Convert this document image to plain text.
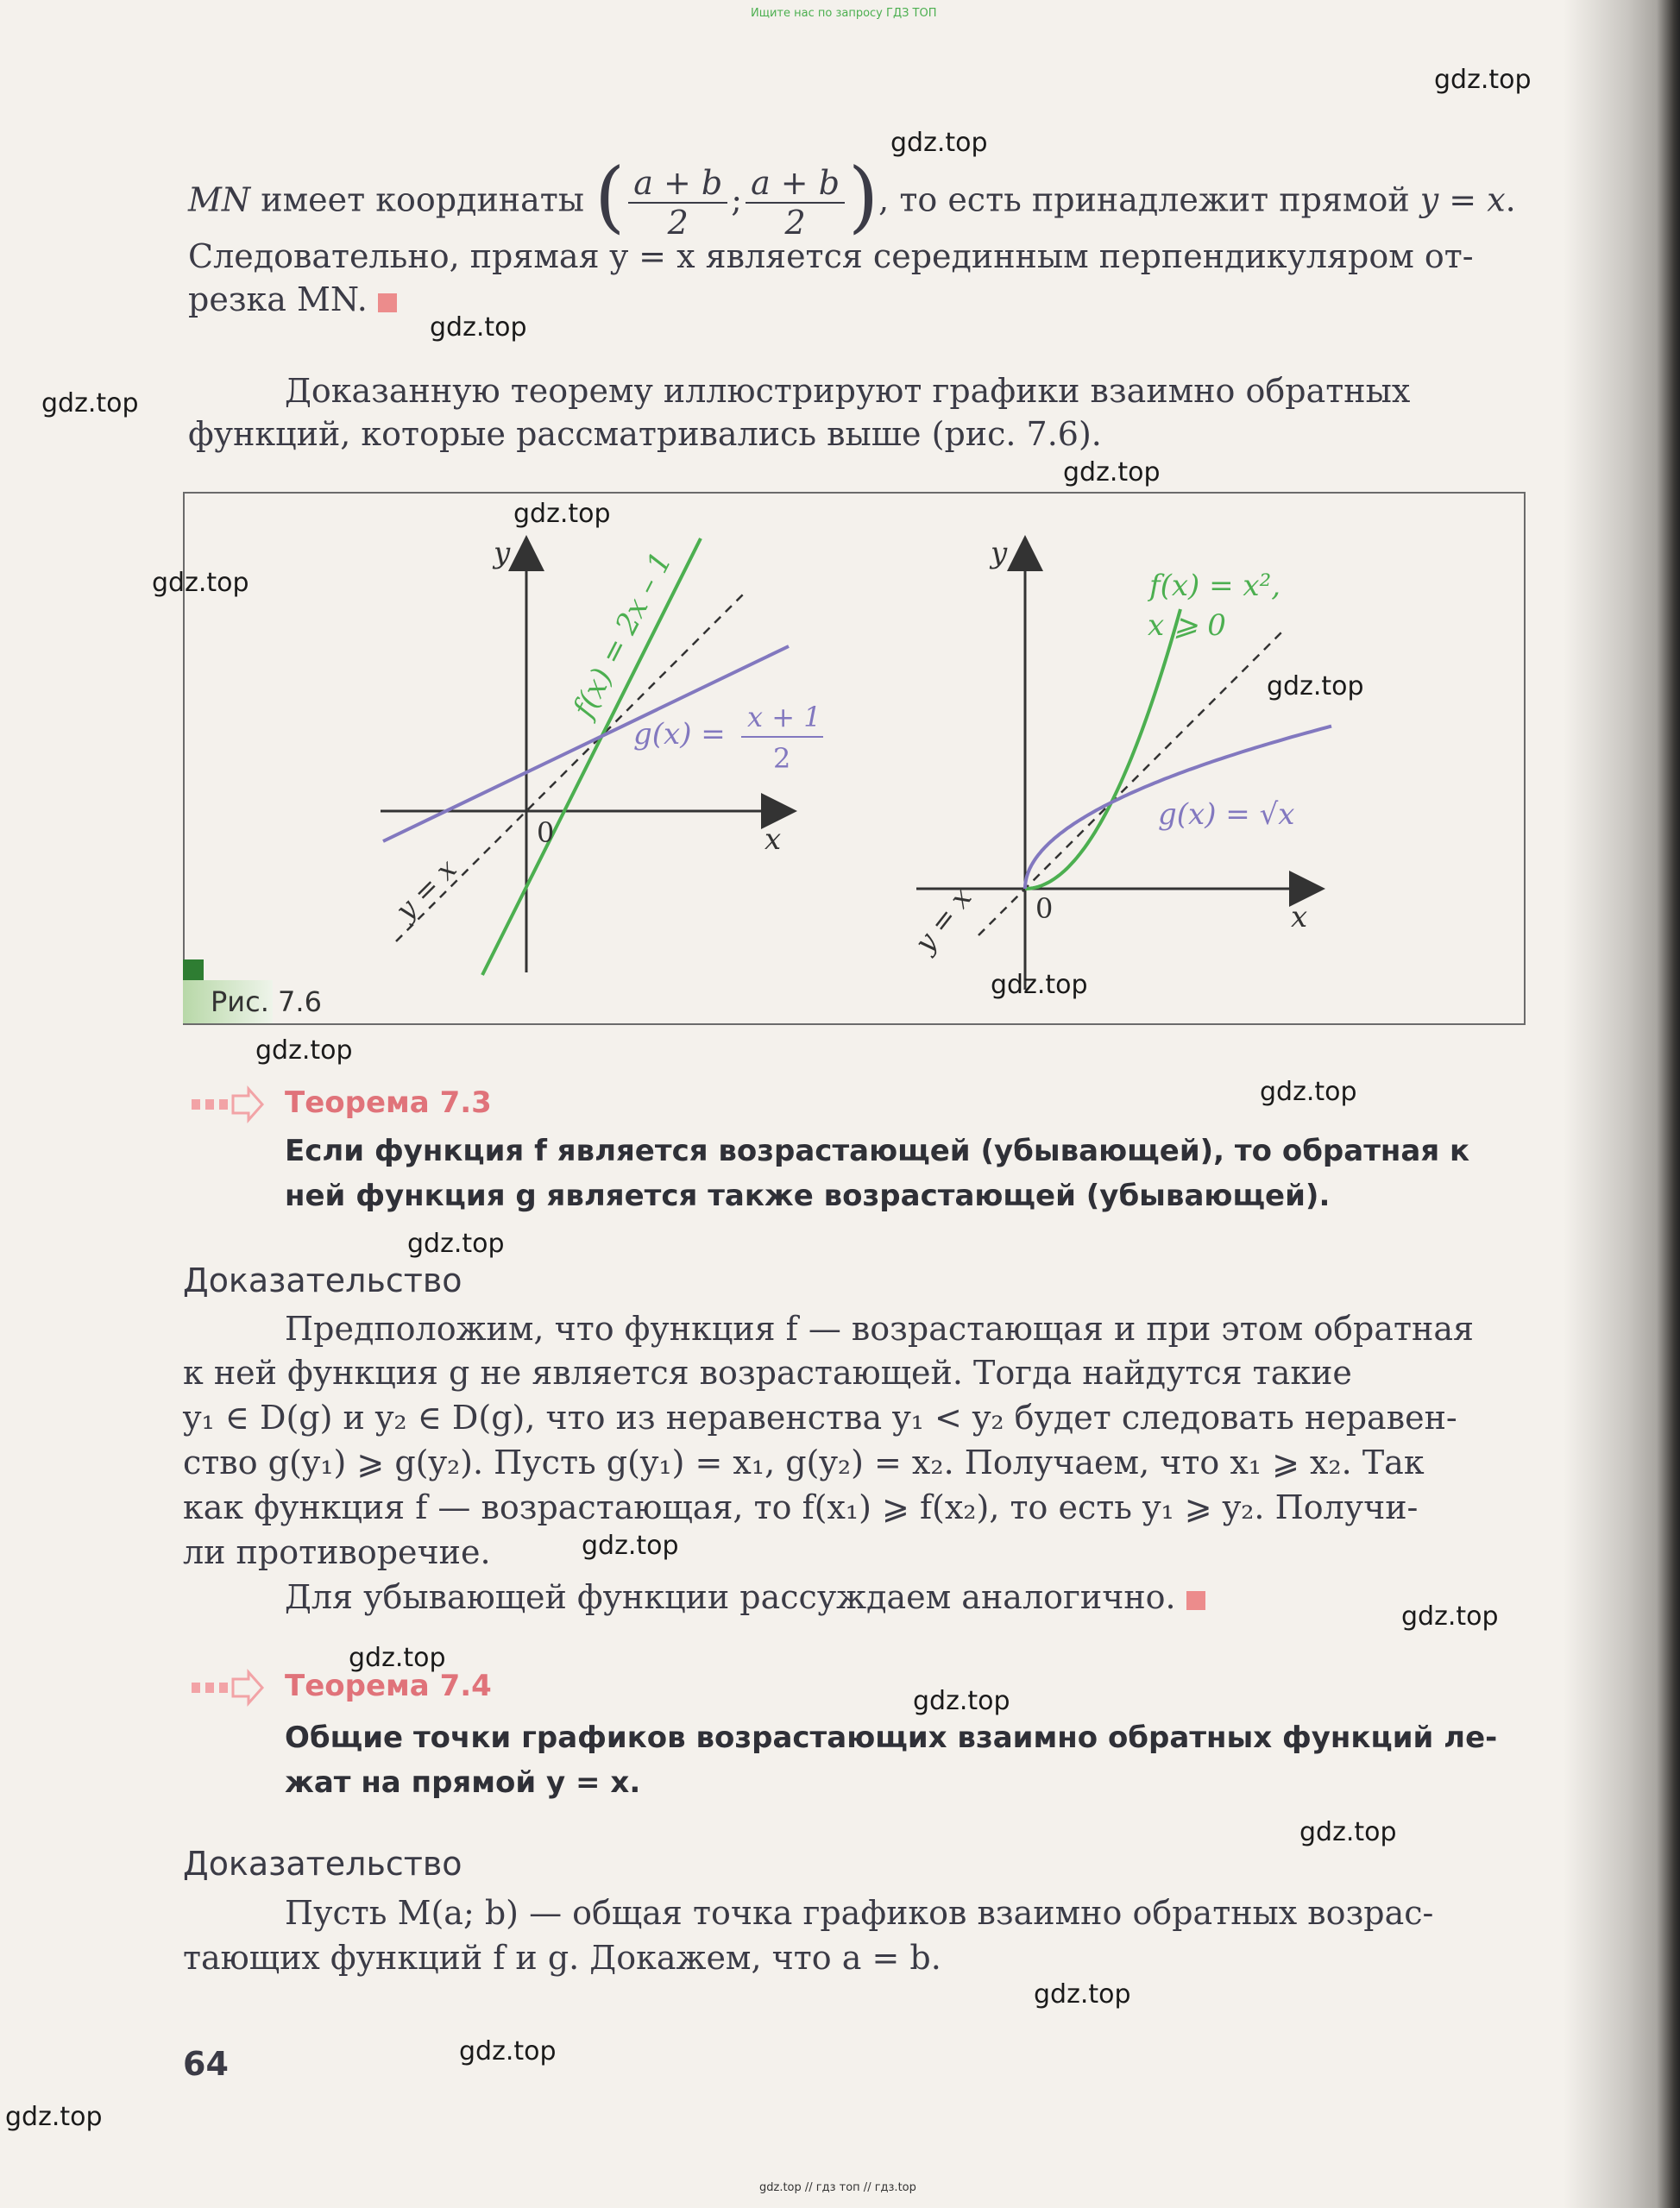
Ищите нас по запросу ГДЗ ТОП
MN имеет координаты ( $\frac{a + b}{2}$ ; $\frac{a + b}{2}$ ), то есть принадлежит прямой y = x.
Следовательно, прямая y = x является серединным перпендикуляром от-
резка MN.
Доказанную теорему иллюстрируют графики взаимно обратных
функций, которые рассматривались выше (рис. 7.6).
0	x
y f(x) = 2x – 1
g(x) = x + 1
2
y = x	0	x
y
f(x) = x²,
x ⩾ 0
g(x) = √x
y = x
Рис. 7.6
Теорема 7.3
Если функция f является возрастающей (убывающей), то обратная к
ней функция g является также возрастающей (убывающей).
Доказательство
Предположим, что функция f — возрастающая и при этом обратная
к ней функция g не является возрастающей. Тогда найдутся такие
y₁ ∈ D(g) и y₂ ∈ D(g), что из неравенства y₁ < y₂ будет следовать неравен-
ство g(y₁) ⩾ g(y₂). Пусть g(y₁) = x₁, g(y₂) = x₂. Получаем, что x₁ ⩾ x₂. Так
как функция f — возрастающая, то f(x₁) ⩾ f(x₂), то есть y₁ ⩾ y₂. Получи-
ли противоречие.
Для убывающей функции рассуждаем аналогично.
Теорема 7.4
Общие точки графиков возрастающих взаимно обратных функций ле-
жат на прямой y = x.
Доказательство
Пусть M(a; b) — общая точка графиков взаимно обратных возрас-
тающих функций f и g. Докажем, что a = b.
64
gdz.top // гдз топ // гдз.top
gdz.top
gdz.top
gdz.top
gdz.top
gdz.top
gdz.top
gdz.top
gdz.top
gdz.top
gdz.top
gdz.top
gdz.top
gdz.top
gdz.top
gdz.top
gdz.top
gdz.top
gdz.top
gdz.top
gdz.top
